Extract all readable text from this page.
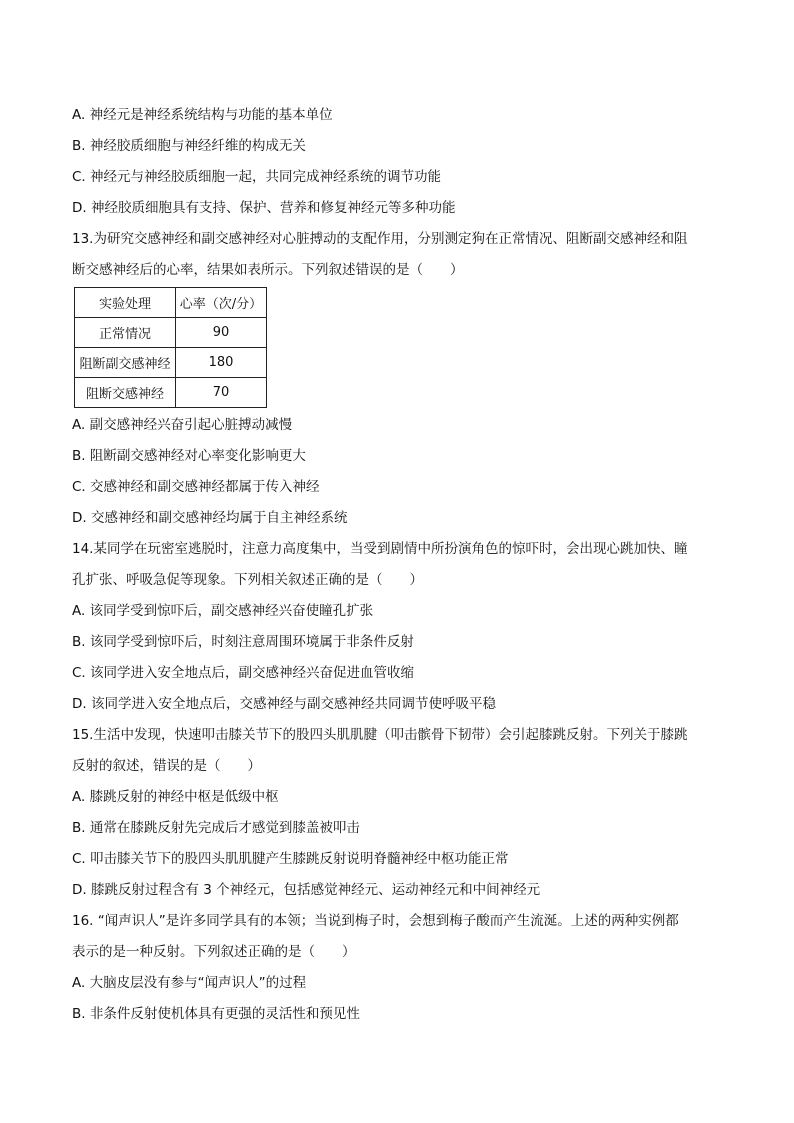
A. 神经元是神经系统结构与功能的基本单位
B. 神经胶质细胞与神经纤维的构成无关
C. 神经元与神经胶质细胞一起，共同完成神经系统的调节功能
D. 神经胶质细胞具有支持、保护、营养和修复神经元等多种功能
13.为研究交感神经和副交感神经对心脏搏动的支配作用，分别测定狗在正常情况、阻断副交感神经和阻
断交感神经后的心率，结果如表所示。下列叙述错误的是（　　）
实验处理	心率（次/分）
正常情况	90
阻断副交感神经	180
阻断交感神经	70
A. 副交感神经兴奋引起心脏搏动减慢
B. 阻断副交感神经对心率变化影响更大
C. 交感神经和副交感神经都属于传入神经
D. 交感神经和副交感神经均属于自主神经系统
14.某同学在玩密室逃脱时，注意力高度集中，当受到剧情中所扮演角色的惊吓时，会出现心跳加快、瞳
孔扩张、呼吸急促等现象。下列相关叙述正确的是（　　）
A. 该同学受到惊吓后，副交感神经兴奋使瞳孔扩张
B. 该同学受到惊吓后，时刻注意周围环境属于非条件反射
C. 该同学进入安全地点后，副交感神经兴奋促进血管收缩
D. 该同学进入安全地点后，交感神经与副交感神经共同调节使呼吸平稳
15.生活中发现，快速叩击膝关节下的股四头肌肌腱（叩击髌骨下韧带）会引起膝跳反射。下列关于膝跳
反射的叙述，错误的是（　　）
A. 膝跳反射的神经中枢是低级中枢
B. 通常在膝跳反射先完成后才感觉到膝盖被叩击
C. 叩击膝关节下的股四头肌肌腱产生膝跳反射说明脊髓神经中枢功能正常
D. 膝跳反射过程含有 3 个神经元，包括感觉神经元、运动神经元和中间神经元
16. “闻声识人”是许多同学具有的本领；当说到梅子时，会想到梅子酸而产生流涎。上述的两种实例都
表示的是一种反射。下列叙述正确的是（　　）
A. 大脑皮层没有参与“闻声识人”的过程
B. 非条件反射使机体具有更强的灵活性和预见性
